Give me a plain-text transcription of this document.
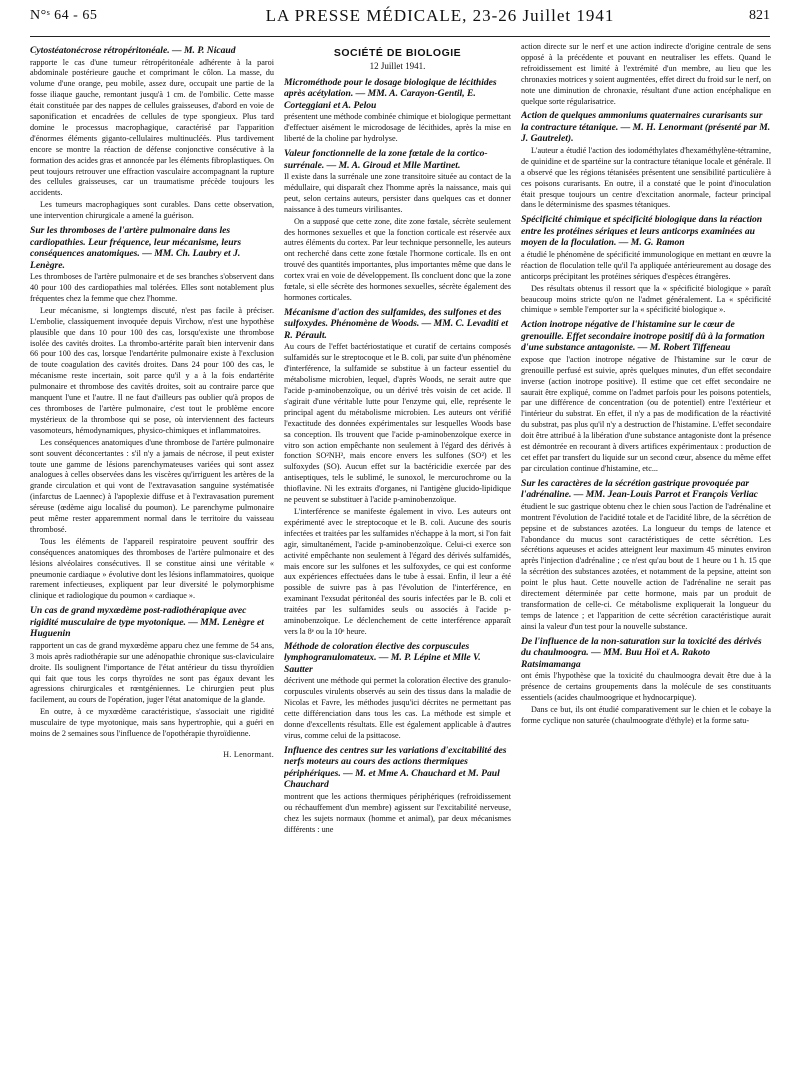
N°ˢ 64 - 65	LA PRESSE MÉDICALE, 23-26 Juillet 1941	821
Cytostéatonécrose rétropéritonéale. — M. P. Nicaud

rapporte le cas d'une tumeur rétropéritonéale adhérente à la paroi abdominale postérieure gauche et comprimant le côlon. La masse, du volume d'une orange, peu mobile, assez dure, occupait une partie de la fosse iliaque gauche, remontant jusqu'à 1 cm. de l'ombilic. Cette masse était constituée par des nappes de cellules graisseuses, d'abord en voie de saponification et encadrées de cellules de type spongieux. Plus tard domine le processus macrophagique, caractérisé par l'apparition d'énormes éléments giganto-cellulaires multinucléés. Plus tardivement encore se montre la réaction de défense conjonctive consécutive à la formation des acides gras et annoncée par les éléments fibroplastiques. On peut toujours retrouver une effraction vasculaire accompagnant la rupture des cellules graisseuses, car un traumatisme précède toujours les accidents.

Les tumeurs macrophagiques sont curables. Dans cette observation, une intervention chirurgicale a amené la guérison.

Sur les thromboses de l'artère pulmonaire dans les cardiopathies. Leur fréquence, leur mécanisme, leurs conséquences anatomiques. — MM. Ch. Laubry et J. Lenègre.

Les thromboses de l'artère pulmonaire et de ses branches s'observent dans 40 pour 100 des cardiopathies mal tolérées. Elles sont notablement plus fréquentes chez la femme que chez l'homme.

Leur mécanisme, si longtemps discuté, n'est pas facile à préciser. L'embolie, classiquement invoquée depuis Virchow, n'est une hypothèse plausible que dans 10 pour 100 des cas, lorsqu'existe une thrombose isolée des cavités droites. La thrombo-artérite paraît bien intervenir dans 66 pour 100 des cas, lorsque l'endartérite pulmonaire existe à l'exclusion de toute coagulation des cavités droites. Dans 24 pour 100 des cas, le mécanisme reste incertain, soit parce qu'il y a à la fois endartérite pulmonaire et thrombose des cavités droites, soit au contraire parce que manquent l'une et l'autre. Il ne faut d'ailleurs pas oublier qu'à propos de ces thromboses de l'artère pulmonaire, c'est tout le problème encore mystérieux de la thrombose qui se pose, où interviennent des facteurs vasomoteurs, hémodynamiques, physico-chimiques et inflammatoires.

Les conséquences anatomiques d'une thrombose de l'artère pulmonaire sont souvent déconcertantes : s'il n'y a jamais de nécrose, il peut exister toute une gamme de lésions parenchymateuses variées qui sont assez analogues à celles observées dans les viscères qu'irriguent les artères de la grande circulation et qui vont de l'extravasation sanguine systématisée (infarctus de Laennec) à l'apoplexie diffuse et à l'extravasation purement séreuse (œdème aigu localisé du poumon). Le parenchyme pulmonaire peut même rester apparemment normal dans le territoire du vaisseau thrombosé.

Tous les éléments de l'appareil respiratoire peuvent souffrir des conséquences anatomiques des thromboses de l'artère pulmonaire et des lésions alvéolaires consécutives. Il se constitue ainsi une véritable « pneumonie cardiaque » évolutive dont les lésions inflammatoires, quoique rarement infectieuses, expliquent par leur diversité le polymorphisme clinique et radiologique du poumon « cardiaque ».

Un cas de grand myxœdème post-radiothérapique avec rigidité musculaire de type myotonique. — MM. Lenègre et Huguenin

rapportent un cas de grand myxœdème apparu chez une femme de 54 ans, 3 mois après radiothérapie sur une adénopathie chronique sus-claviculaire droite. Ils soulignent l'importance de l'état antérieur du tissu thyroïdien qui fait que tous les corps thyroïdes ne sont pas égaux devant les agressions chirurgicales et rœntgéniennes. Le chirurgien peut plus facilement, au cours de l'opération, juger l'état anatomique de la glande.

En outre, à ce myxœdème caractéristique, s'associait une rigidité musculaire de type myotonique, mais sans hypertrophie, qui a guéri en moins de 2 semaines sous l'influence de l'opothérapie thyroïdienne.

H. Lenormant.
SOCIÉTÉ DE BIOLOGIE
12 Juillet 1941.
Microméthode pour le dosage biologique de lécithides après acétylation. — MM. A. Carayon-Gentil, E. Corteggiani et A. Pelou

présentent une méthode combinée chimique et biologique permettant d'effectuer aisément le microdosage de lécithides, après la mise en liberté de la choline par hydrolyse.

Valeur fonctionnelle de la zone fœtale de la cortico-surrénale. — M. A. Giroud et Mlle Martinet.

Il existe dans la surrénale une zone transitoire située au contact de la médullaire, qui disparaît chez l'homme après la naissance, mais qui peut, selon certains auteurs, persister dans quelques cas et donner naissance à des tumeurs virilisantes.

On a supposé que cette zone, dite zone fœtale, sécrète seulement des hormones sexuelles et que la fonction corticale est réservée aux autres éléments du cortex. Par leur technique personnelle, les auteurs ont recherché dans cette zone fœtale l'hormone corticale. Ils en ont trouvé des quantités importantes, plus importantes même que dans le cortex vrai en voie de développement. Ils concluent donc que la zone fœtale, si elle sécrète des hormones sexuelles, sécrète également des hormones corticales.

Mécanisme d'action des sulfamides, des sulfones et des sulfoxydes. Phénomène de Woods. — MM. C. Levaditi et R. Pérault.

Au cours de l'effet bactériostatique et curatif de certains composés sulfamidés sur le streptocoque et le B. coli, par suite d'un phénomène d'interférence, la sulfamide se substitue à un facteur essentiel du métabolisme microbien, lequel, d'après Woods, ne serait autre que l'acide p-aminobenzoïque, ou un dérivé très voisin de cet acide. Il s'agirait d'une véritable lutte pour l'enzyme qui, elle, représente le principal agent du métabolisme microbien. Les auteurs ont vérifié l'exactitude des données expérimentales sur lesquelles Woods base sa conception. Ils trouvent que l'acide p-aminobenzoïque exerce in vitro son action empêchante non seulement à l'égard des dérivés à fonction SO²NH², mais encore envers les sulfones (SO²) et les sulfoxydes (SO). Aucun effet sur la bactéricidie exercée par des antiseptiques, tels le sublimé, le sunoxol, le mercurochrome ou la thioflavine. Ni les extraits d'organes, ni l'antigène glucido-lipidique ne peuvent se substituer à l'acide p-aminobenzoïque.

L'interférence se manifeste également in vivo. Les auteurs ont expérimenté avec le streptocoque et le B. coli. Aucune des souris infectées et traitées par les sulfamides n'échappe à la mort, si l'on fait agir, simultanément, l'acide p-aminobenzoïque. Celui-ci exerce son activité empêchante non seulement à l'égard des dérivés sulfamidés, mais encore sur les sulfones et les sulfoxydes, ce qui est conforme aux expériences effectuées dans le tube à essai. Enfin, il leur a été possible de suivre pas à pas l'évolution de l'interférence, en examinant l'exsudat péritonéal des souris infectées par le B. coli et traitées par les sulfamides seuls ou associés à l'acide p-aminobenzoïque. Le déclenchement de cette interférence apparaît vers la 8ᵉ ou la 10ᵉ heure.

Méthode de coloration élective des corpuscules lymphogranulomateux. — M. P. Lépine et Mlle V. Sautter

décrivent une méthode qui permet la coloration élective des granulo-corpuscules virulents observés au sein des tissus dans la maladie de Nicolas et Favre, les méthodes jusqu'ici décrites ne permettant pas cette différenciation dans tous les cas. La méthode est simple et donne d'excellents résultats. Elle est également applicable à d'autres virus, comme celui de la psittacose.

Influence des centres sur les variations d'excitabilité des nerfs moteurs au cours des actions thermiques périphériques. — M. et Mme A. Chauchard et M. Paul Chauchard

montrent que les actions thermiques périphériques (refroidissement ou réchauffement d'un membre) agissent sur l'excitabilité nerveuse, chez les sujets normaux (homme et animal), par deux mécanismes différents : une

action directe sur le nerf et une action indirecte d'origine centrale de sens opposé à la précédente et pouvant en neutraliser les effets. Quand le refroidissement est limité à l'extrémité d'un membre, au lieu que les chronaxies motrices y soient augmentées, effet direct du froid sur le nerf, on note une diminution de chronaxie, résultant d'une action encéphalique en quelque sorte régularisatrice.

Action de quelques ammoniums quaternaires curarisants sur la contracture tétanique. — M. H. Lenormant (présenté par M. J. Gautrelet).

L'auteur a étudié l'action des iodométhylates d'hexaméthylène-tétramine, de quinidine et de spartéine sur la contracture tétanique locale et générale. Il a observé que les régions tétanisées présentent une sensibilité particulière à ces poisons curarisants. En outre, il a constaté que le point d'inoculation était presque toujours un centre d'excitation anormale, facteur principal dans le déterminisme des spasmes tétaniques.

Spécificité chimique et spécificité biologique dans la réaction entre les protéines sériques et leurs anticorps examinées au moyen de la floculation. — M. G. Ramon

a étudié le phénomène de spécificité immunologique en mettant en œuvre la réaction de floculation telle qu'il l'a appliquée antérieurement au dosage des anticorps précipitant les protéines sériques d'espèces étrangères.

Des résultats obtenus il ressort que la « spécificité biologique » paraît beaucoup moins stricte qu'on ne l'admet généralement. La « spécificité chimique » semble l'emporter sur la « spécificité biologique ».

Action inotrope négative de l'histamine sur le cœur de grenouille. Effet secondaire inotrope positif dû à la formation d'une substance antagoniste. — M. Robert Tiffeneau

expose que l'action inotrope négative de l'histamine sur le cœur de grenouille perfusé est suivie, après quelques minutes, d'un effet secondaire inverse (action inotrope positive). Il estime que cet effet secondaire ne saurait être expliqué, comme on l'admet parfois pour les poisons potentiels, par une différence de concentration (ou de potentiel) entre l'extérieur et l'intérieur du substrat. En effet, il n'y a pas de modification de la réactivité du substrat, pas plus qu'il n'y a destruction de l'histamine. L'effet secondaire doit être attribué à la libération d'une substance antagoniste dont la présence est démontrée en recourant à divers artifices expérimentaux : production de cet effet par transfert du liquide sur un second cœur, absence du même effet par circulation continue d'histamine, etc...

Sur les caractères de la sécrétion gastrique provoquée par l'adrénaline. — MM. Jean-Louis Parrot et François Verliac

étudient le suc gastrique obtenu chez le chien sous l'action de l'adrénaline et montrent l'évolution de l'acidité totale et de l'acidité libre, de la sécrétion de pepsine et de substances azotées. La longueur du temps de latence et l'abondance du mucus sont caractéristiques de cette sécrétion. Les sécrétions aqueuses et acides atteignent leur maximum 45 minutes environ après l'injection d'adrénaline ; ce n'est qu'au bout de 1 heure ou 1 h. 15 que la sécrétion des substances azotées, et notamment de la pepsine, atteint son point le plus haut. Cette nouvelle action de l'adrénaline ne serait pas directement déterminée par cette hormone, mais par un produit de transformation de celle-ci. Ce métabolisme expliquerait la longueur du temps de latence ; et l'apparition de cette sécrétion caractéristique aurait ainsi la valeur d'un test pour la nouvelle substance.

De l'influence de la non-saturation sur la toxicité des dérivés du chaulmoogra. — MM. Buu Hoï et A. Rakoto Ratsimamanga

ont émis l'hypothèse que la toxicité du chaulmoogra devait être due à la présence de certains groupements dans la molécule de ses constituants essentiels (acides chaulmoogrique et hydnocarpique).

Dans ce but, ils ont étudié comparativement sur le chien et le cobaye la forme cyclique non saturée (chaulmoograte d'éthyle) et la forme satu-
